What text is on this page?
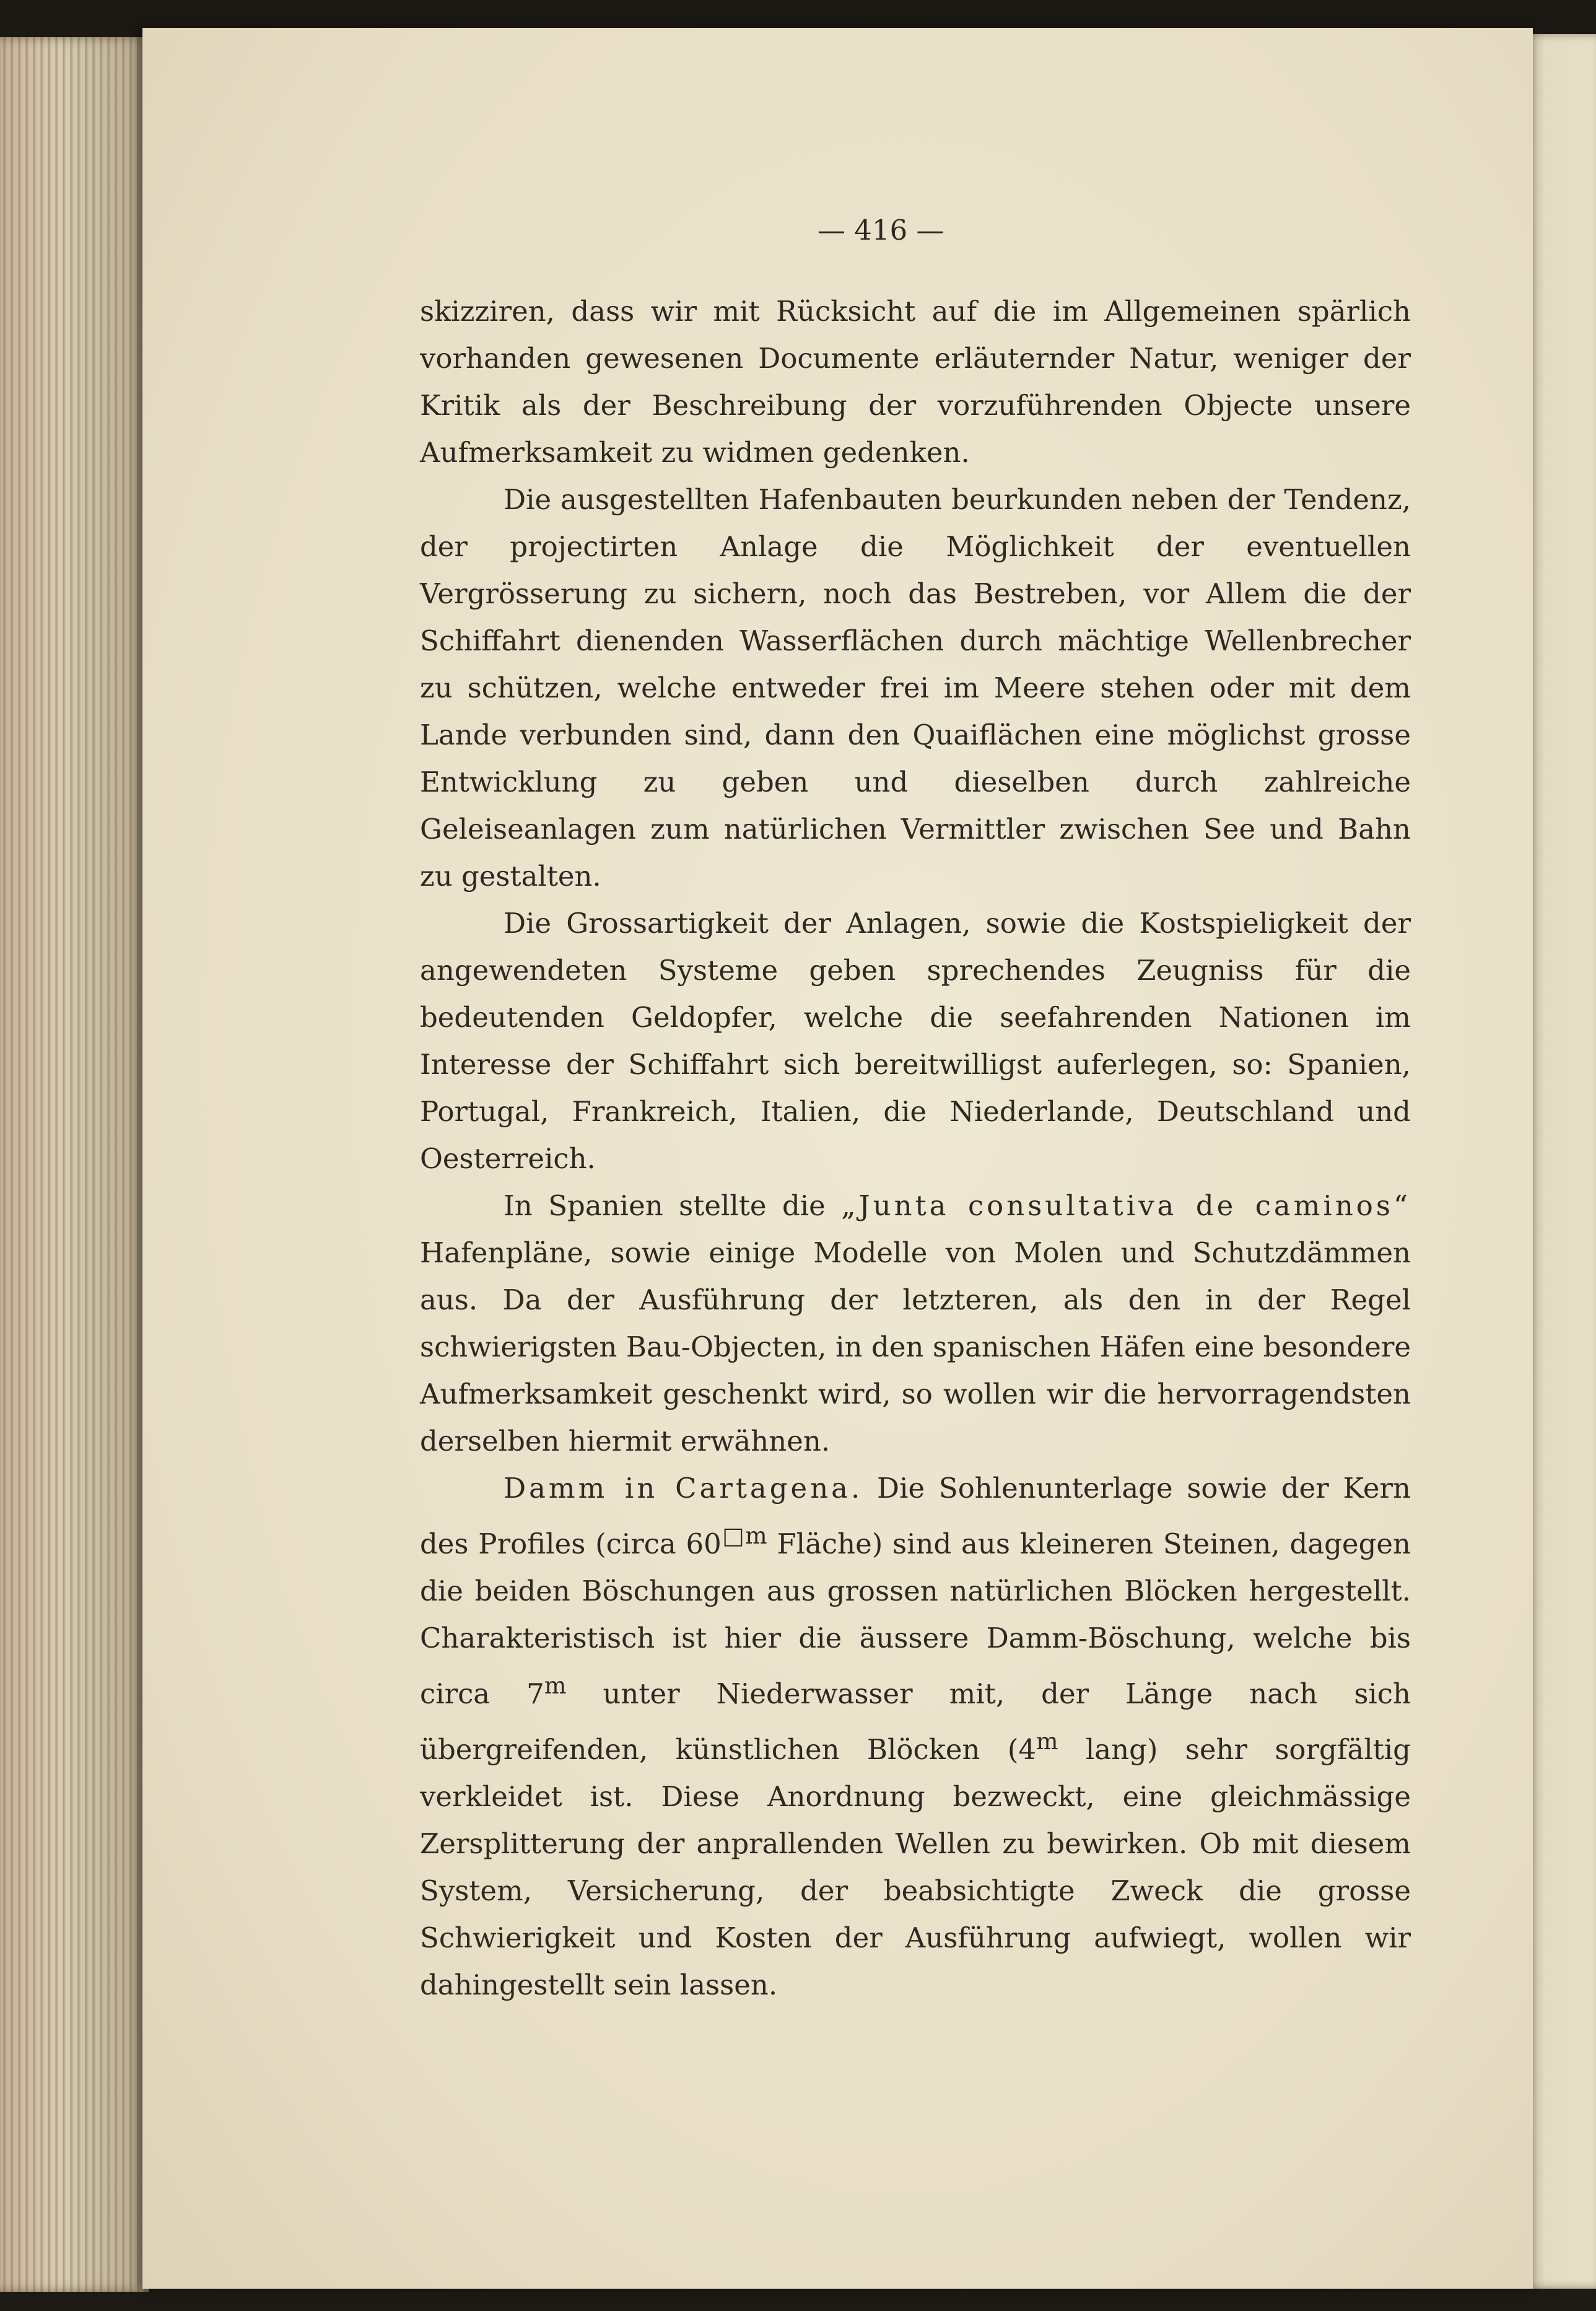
— 416 —

skizziren, dass wir mit Rücksicht auf die im Allgemeinen spärlich vorhanden gewesenen Documente erläuternder Natur, weniger der Kritik als der Beschreibung der vorzuführenden Objecte unsere Aufmerksamkeit zu widmen gedenken.

Die ausgestellten Hafenbauten beurkunden neben der Tendenz, der projectirten Anlage die Möglichkeit der eventuellen Vergrösserung zu sichern, noch das Bestreben, vor Allem die der Schiffahrt dienenden Wasserflächen durch mächtige Wellenbrecher zu schützen, welche entweder frei im Meere stehen oder mit dem Lande verbunden sind, dann den Quaiflächen eine möglichst grosse Entwicklung zu geben und dieselben durch zahlreiche Geleiseanlagen zum natürlichen Vermittler zwischen See und Bahn zu gestalten.

Die Grossartigkeit der Anlagen, sowie die Kostspieligkeit der angewendeten Systeme geben sprechendes Zeugniss für die bedeutenden Geldopfer, welche die seefahrenden Nationen im Interesse der Schiffahrt sich bereitwilligst auferlegen, so: Spanien, Portugal, Frankreich, Italien, die Niederlande, Deutschland und Oesterreich.

In Spanien stellte die „Junta consultativa de caminos“ Hafenpläne, sowie einige Modelle von Molen und Schutzdämmen aus. Da der Ausführung der letzteren, als den in der Regel schwierigsten Bau-Objecten, in den spanischen Häfen eine besondere Aufmerksamkeit geschenkt wird, so wollen wir die hervorragendsten derselben hiermit erwähnen.

Damm in Cartagena. Die Sohlenunterlage sowie der Kern des Profiles (circa $60^{□m}$ Fläche) sind aus kleineren Steinen, dagegen die beiden Böschungen aus grossen natürlichen Blöcken hergestellt. Charakteristisch ist hier die äussere Damm-Böschung, welche bis circa 7$^m$ unter Niederwasser mit, der Länge nach sich übergreifenden, künstlichen Blöcken (4$^m$ lang) sehr sorgfältig verkleidet ist. Diese Anordnung bezweckt, eine gleichmässige Zersplitterung der anprallenden Wellen zu bewirken. Ob mit diesem System, Versicherung, der beabsichtigte Zweck die grosse Schwierigkeit und Kosten der Ausführung aufwiegt, wollen wir dahingestellt sein lassen.
